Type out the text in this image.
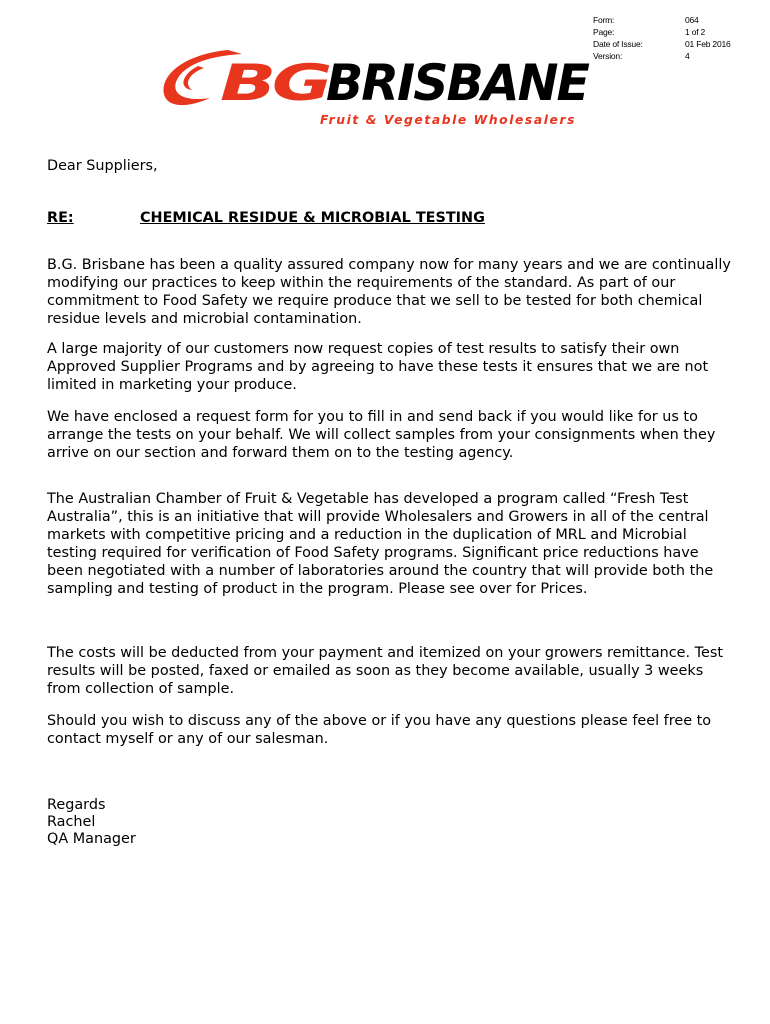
Form:	064
Page:	1 of 2
Date of Issue:	01 Feb 2016
Version:	4
BG
BRISBANE
Fruit & Vegetable Wholesalers
Dear Suppliers,
RE:	CHEMICAL RESIDUE & MICROBIAL TESTING

B.G. Brisbane has been a quality assured company now for many years and we are continually modifying our practices to keep within the requirements of the standard. As part of our commitment to Food Safety we require produce that we sell to be tested for both chemical residue levels and microbial contamination.

A large majority of our customers now request copies of test results to satisfy their own Approved Supplier Programs and by agreeing to have these tests it ensures that we are not limited in marketing your produce.

We have enclosed a request form for you to fill in and send back if you would like for us to arrange the tests on your behalf. We will collect samples from your consignments when they arrive on our section and forward them on to the testing agency.

The Australian Chamber of Fruit & Vegetable has developed a program called “Fresh Test Australia”, this is an initiative that will provide Wholesalers and Growers in all of the central markets with competitive pricing and a reduction in the duplication of MRL and Microbial testing required for verification of Food Safety programs. Significant price reductions have been negotiated with a number of laboratories around the country that will provide both the sampling and testing of product in the program. Please see over for Prices.

The costs will be deducted from your payment and itemized on your growers remittance. Test results will be posted, faxed or emailed as soon as they become available, usually 3 weeks from collection of sample.

Should you wish to discuss any of the above or if you have any questions please feel free to contact myself or any of our salesman.

Regards
Rachel
QA Manager
